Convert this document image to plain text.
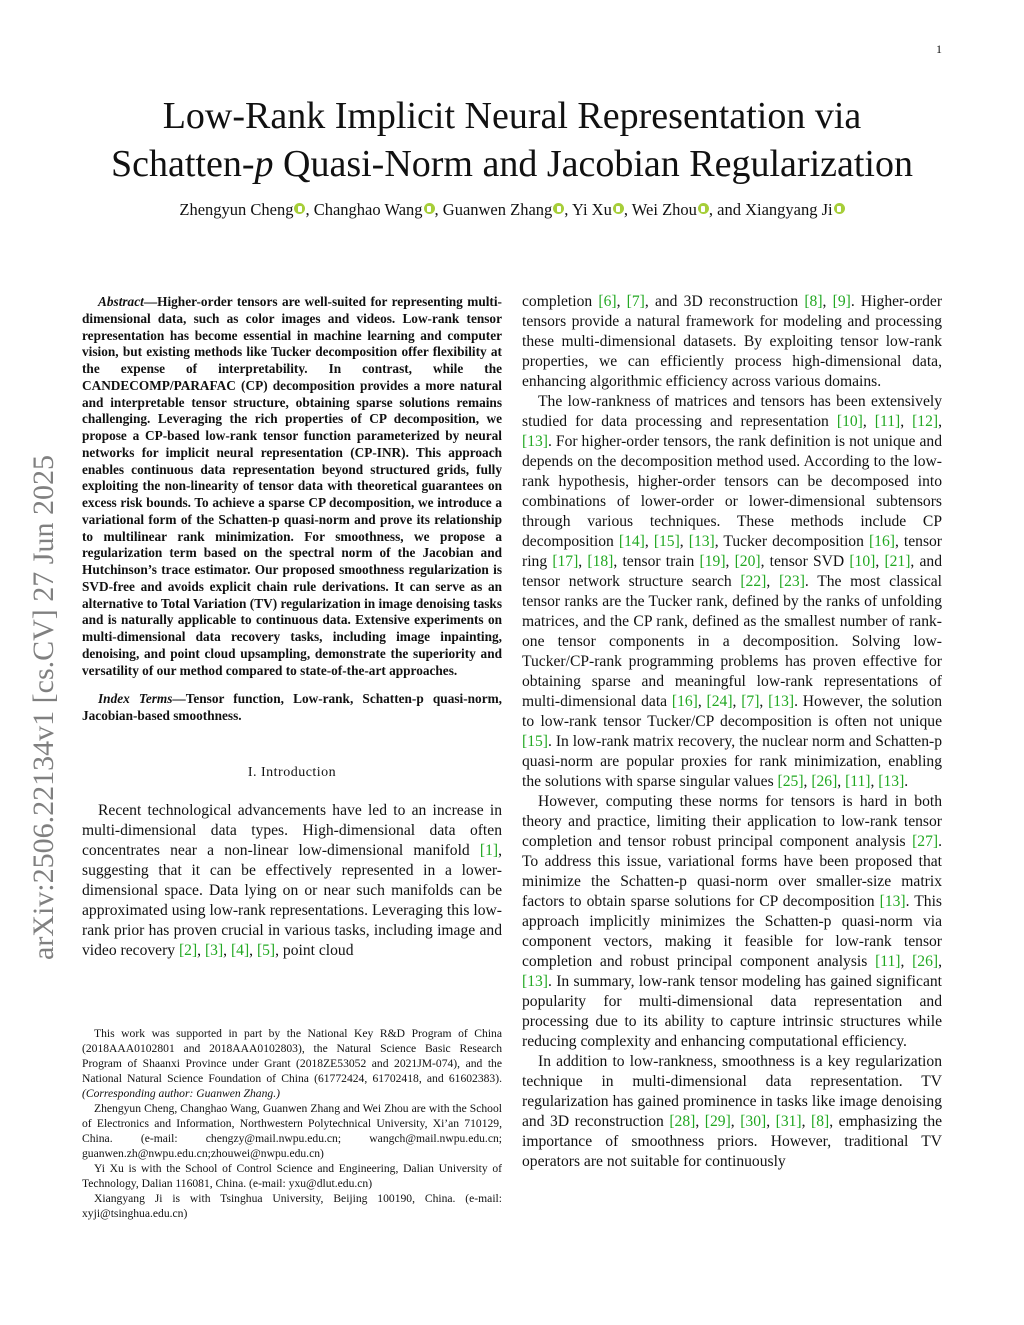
1
Low-Rank Implicit Neural Representation via
Schatten-p Quasi-Norm and Jacobian Regularization
Zhengyun Cheng , Changhao Wang , Guanwen Zhang , Yi Xu , Wei Zhou , and Xiangyang Ji
arXiv:2506.22134v1 [cs.CV] 27 Jun 2025

Abstract—Higher-order tensors are well-suited for representing multi-dimensional data, such as color images and videos. Low-rank tensor representation has become essential in machine learning and computer vision, but existing methods like Tucker decomposition offer flexibility at the expense of interpretability. In contrast, while the CANDECOMP/PARAFAC (CP) decomposition provides a more natural and interpretable tensor structure, obtaining sparse solutions remains challenging. Leveraging the rich properties of CP decomposition, we propose a CP-based low-rank tensor function parameterized by neural networks for implicit neural representation (CP-INR). This approach enables continuous data representation beyond structured grids, fully exploiting the non-linearity of tensor data with theoretical guarantees on excess risk bounds. To achieve a sparse CP decomposition, we introduce a variational form of the Schatten-p quasi-norm and prove its relationship to multilinear rank minimization. For smoothness, we propose a regularization term based on the spectral norm of the Jacobian and Hutchinson’s trace estimator. Our proposed smoothness regularization is SVD-free and avoids explicit chain rule derivations. It can serve as an alternative to Total Variation (TV) regularization in image denoising tasks and is naturally applicable to continuous data. Extensive experiments on multi-dimensional data recovery tasks, including image inpainting, denoising, and point cloud upsampling, demonstrate the superiority and versatility of our method compared to state-of-the-art approaches.

Index Terms—Tensor function, Low-rank, Schatten-p quasi-norm, Jacobian-based smoothness.

I. Introduction

Recent technological advancements have led to an increase in multi-dimensional data types. High-dimensional data often concentrates near a non-linear low-dimensional manifold [1], suggesting that it can be effectively represented in a lower-dimensional space. Data lying on or near such manifolds can be approximated using low-rank representations. Leveraging this low-rank prior has proven crucial in various tasks, including image and video recovery [2], [3], [4], [5], point cloud

This work was supported in part by the National Key R&D Program of China (2018AAA0102801 and 2018AAA0102803), the Natural Science Basic Research Program of Shaanxi Province under Grant (2018ZE53052 and 2021JM-074), and the National Natural Science Foundation of China (61772424, 61702418, and 61602383). (Corresponding author: Guanwen Zhang.)

Zhengyun Cheng, Changhao Wang, Guanwen Zhang and Wei Zhou are with the School of Electronics and Information, Northwestern Polytechnical University, Xi’an 710129, China. (e-mail: chengzy@mail.nwpu.edu.cn; wangch@mail.nwpu.edu.cn; guanwen.zh@nwpu.edu.cn;zhouwei@nwpu.edu.cn)

Yi Xu is with the School of Control Science and Engineering, Dalian University of Technology, Dalian 116081, China. (e-mail: yxu@dlut.edu.cn)

Xiangyang Ji is with Tsinghua University, Beijing 100190, China. (e-mail: xyji@tsinghua.edu.cn)

completion [6], [7], and 3D reconstruction [8], [9]. Higher-order tensors provide a natural framework for modeling and processing these multi-dimensional datasets. By exploiting tensor low-rank properties, we can efficiently process high-dimensional data, enhancing algorithmic efficiency across various domains.

The low-rankness of matrices and tensors has been extensively studied for data processing and representation [10], [11], [12], [13]. For higher-order tensors, the rank definition is not unique and depends on the decomposition method used. According to the low-rank hypothesis, higher-order tensors can be decomposed into combinations of lower-order or lower-dimensional subtensors through various techniques. These methods include CP decomposition [14], [15], [13], Tucker decomposition [16], tensor ring [17], [18], tensor train [19], [20], tensor SVD [10], [21], and tensor network structure search [22], [23]. The most classical tensor ranks are the Tucker rank, defined by the ranks of unfolding matrices, and the CP rank, defined as the smallest number of rank-one tensor components in a decomposition. Solving low-Tucker/CP-rank programming problems has proven effective for obtaining sparse and meaningful low-rank representations of multi-dimensional data [16], [24], [7], [13]. However, the solution to low-rank tensor Tucker/CP decomposition is often not unique [15]. In low-rank matrix recovery, the nuclear norm and Schatten-p quasi-norm are popular proxies for rank minimization, enabling the solutions with sparse singular values [25], [26], [11], [13].

However, computing these norms for tensors is hard in both theory and practice, limiting their application to low-rank tensor completion and tensor robust principal component analysis [27]. To address this issue, variational forms have been proposed that minimize the Schatten-p quasi-norm over smaller-size matrix factors to obtain sparse solutions for CP decomposition [13]. This approach implicitly minimizes the Schatten-p quasi-norm via component vectors, making it feasible for low-rank tensor completion and robust principal component analysis [11], [26], [13]. In summary, low-rank tensor modeling has gained significant popularity for multi-dimensional data representation and processing due to its ability to capture intrinsic structures while reducing complexity and enhancing computational efficiency.

In addition to low-rankness, smoothness is a key regularization technique in multi-dimensional data representation. TV regularization has gained prominence in tasks like image denoising and 3D reconstruction [28], [29], [30], [31], [8], emphasizing the importance of smoothness priors. However, traditional TV operators are not suitable for continuously
